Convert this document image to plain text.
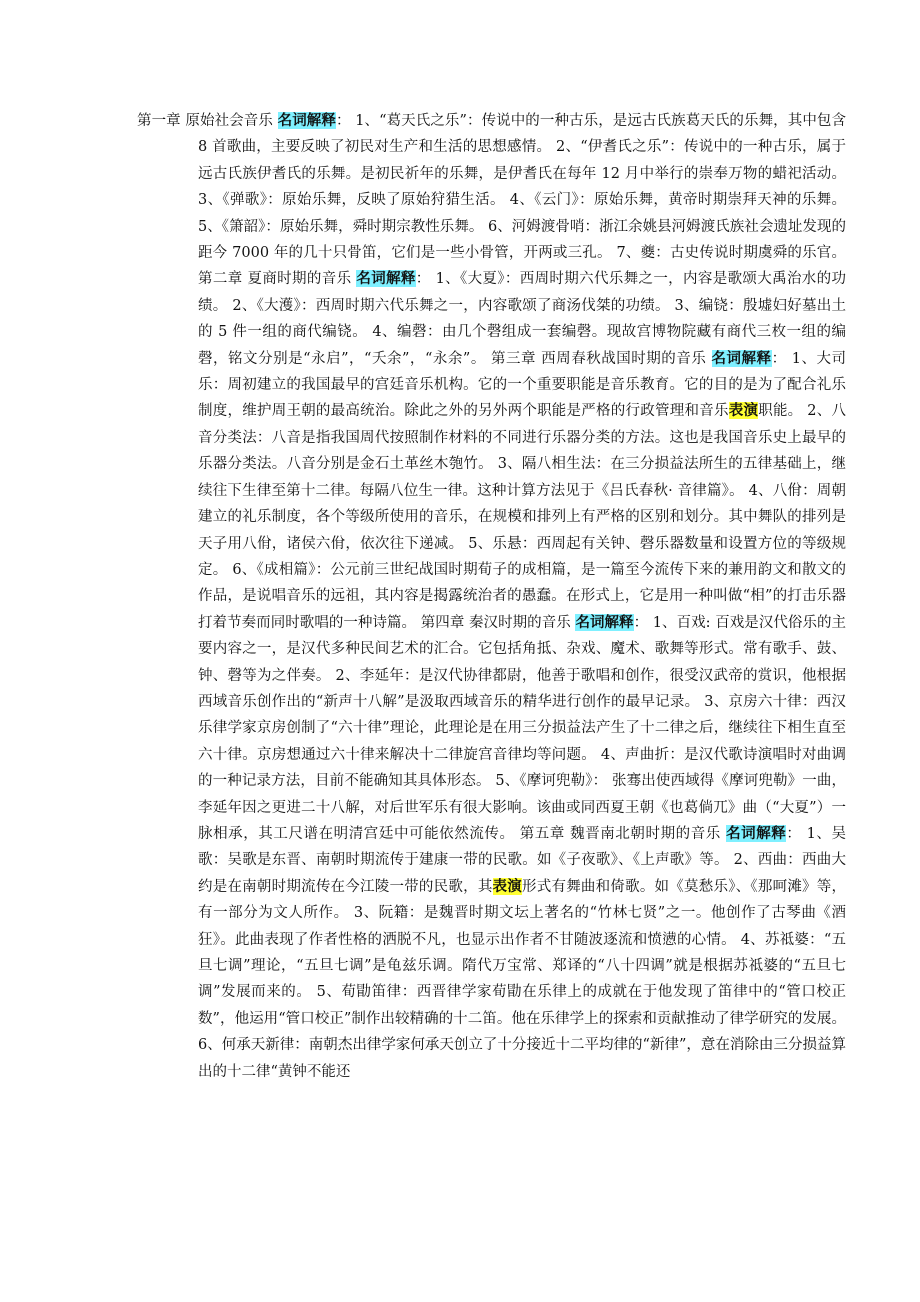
第一章 原始社会音乐 名词解释： 1、“葛天氏之乐”：传说中的一种古乐，是远古氏族葛天氏的乐舞，其中包含 8 首歌曲，主要反映了初民对生产和生活的思想感情。 2、“伊耆氏之乐”：传说中的一种古乐，属于远古氏族伊耆氏的乐舞。是初民祈年的乐舞，是伊耆氏在每年 12 月中举行的崇奉万物的蜡祀活动。 3、《弹歌》：原始乐舞，反映了原始狩猎生活。 4、《云门》：原始乐舞，黄帝时期崇拜天神的乐舞。 5、《箫韶》：原始乐舞，舜时期宗教性乐舞。 6、河姆渡骨哨：浙江余姚县河姆渡氏族社会遗址发现的距今 7000 年的几十只骨笛，它们是一些小骨管，开两或三孔。 7、夔：古史传说时期虞舜的乐官。 第二章 夏商时期的音乐 名词解释： 1、《大夏》：西周时期六代乐舞之一，内容是歌颂大禹治水的功绩。 2、《大濩》：西周时期六代乐舞之一，内容歌颂了商汤伐桀的功绩。 3、编铙：殷墟妇好墓出土的 5 件一组的商代编铙。 4、编磬：由几个磬组成一套编磬。现故宫博物院藏有商代三枚一组的编磬，铭文分别是“永启”，“夭余”，“永余”。 第三章 西周春秋战国时期的音乐 名词解释： 1、大司乐：周初建立的我国最早的宫廷音乐机构。它的一个重要职能是音乐教育。它的目的是为了配合礼乐制度，维护周王朝的最高统治。除此之外的另外两个职能是严格的行政管理和音乐表演职能。 2、八音分类法：八音是指我国周代按照制作材料的不同进行乐器分类的方法。这也是我国音乐史上最早的乐器分类法。八音分别是金石土革丝木匏竹。 3、隔八相生法：在三分损益法所生的五律基础上，继续往下生律至第十二律。每隔八位生一律。这种计算方法见于《吕氏春秋· 音律篇》。 4、八佾：周朝建立的礼乐制度，各个等级所使用的音乐，在规模和排列上有严格的区别和划分。其中舞队的排列是天子用八佾，诸侯六佾，依次往下递减。 5、乐悬：西周起有关钟、磬乐器数量和设置方位的等级规定。 6、《成相篇》：公元前三世纪战国时期荀子的成相篇，是一篇至今流传下来的兼用韵文和散文的作品，是说唱音乐的远祖，其内容是揭露统治者的愚蠢。在形式上，它是用一种叫做“相”的打击乐器打着节奏而同时歌唱的一种诗篇。 第四章 秦汉时期的音乐 名词解释： 1、百戏: 百戏是汉代俗乐的主要内容之一，是汉代多种民间艺术的汇合。它包括角抵、杂戏、魔术、歌舞等形式。常有歌手、鼓、钟、磬等为之伴奏。 2、李延年：是汉代协律都尉，他善于歌唱和创作，很受汉武帝的赏识，他根据西域音乐创作出的“新声十八解”是汲取西域音乐的精华进行创作的最早记录。 3、京房六十律：西汉乐律学家京房创制了“六十律”理论，此理论是在用三分损益法产生了十二律之后，继续往下相生直至六十律。京房想通过六十律来解决十二律旋宫音律均等问题。 4、声曲折：是汉代歌诗演唱时对曲调的一种记录方法，目前不能确知其具体形态。 5、《摩诃兜勒》： 张骞出使西域得《摩诃兜勒》一曲，李延年因之更进二十八解，对后世军乐有很大影响。该曲或同西夏王朝《也葛倘兀》曲（“大夏”）一脉相承，其工尺谱在明清宫廷中可能依然流传。 第五章 魏晋南北朝时期的音乐 名词解释： 1、吴歌：吴歌是东晋、南朝时期流传于建康一带的民歌。如《子夜歌》、《上声歌》等。 2、西曲：西曲大约是在南朝时期流传在今江陵一带的民歌，其表演形式有舞曲和倚歌。如《莫愁乐》、《那呵滩》等，有一部分为文人所作。 3、阮籍：是魏晋时期文坛上著名的“竹林七贤”之一。他创作了古琴曲《酒狂》。此曲表现了作者性格的洒脱不凡，也显示出作者不甘随波逐流和愤懑的心情。 4、苏祗婆：“五旦七调”理论，“五旦七调”是龟兹乐调。隋代万宝常、郑译的“八十四调”就是根据苏祗婆的“五旦七调”发展而来的。 5、荀勖笛律：西晋律学家荀勖在乐律上的成就在于他发现了笛律中的“管口校正数”，他运用“管口校正”制作出较精确的十二笛。他在乐律学上的探索和贡献推动了律学研究的发展。 6、何承天新律：南朝杰出律学家何承天创立了十分接近十二平均律的“新律”，意在消除由三分损益算出的十二律“黄钟不能还
